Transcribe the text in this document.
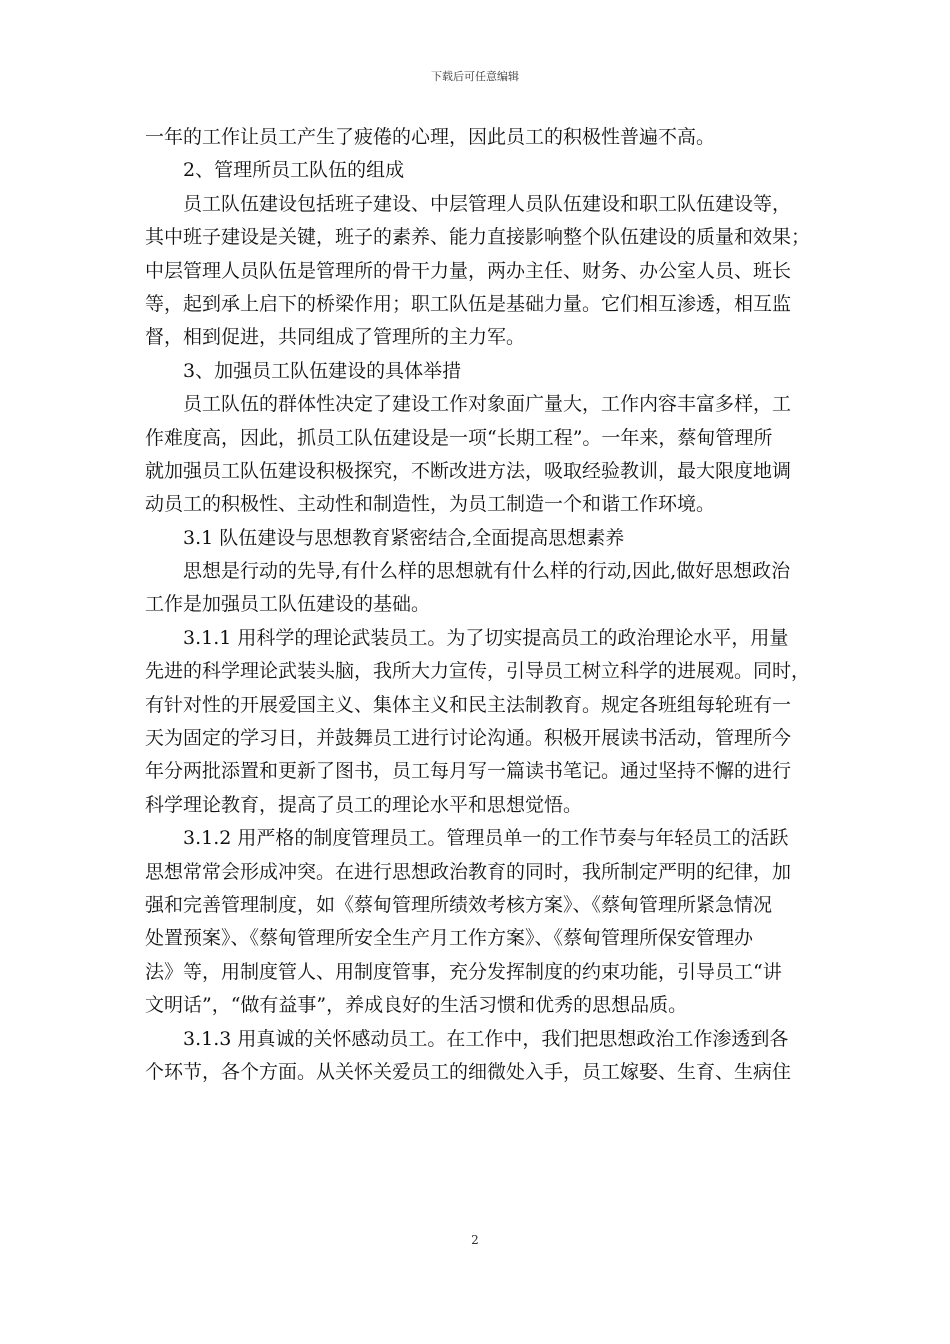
下载后可任意编辑
一年的工作让员工产生了疲倦的心理，因此员工的积极性普遍不高。
　　2、管理所员工队伍的组成
　　员工队伍建设包括班子建设、中层管理人员队伍建设和职工队伍建设等，
其中班子建设是关键，班子的素养、能力直接影响整个队伍建设的质量和效果；
中层管理人员队伍是管理所的骨干力量，两办主任、财务、办公室人员、班长
等，起到承上启下的桥梁作用；职工队伍是基础力量。它们相互渗透，相互监
督，相到促进，共同组成了管理所的主力军。
　　3、加强员工队伍建设的具体举措
　　员工队伍的群体性决定了建设工作对象面广量大，工作内容丰富多样，工
作难度高，因此，抓员工队伍建设是一项“长期工程”。一年来，蔡甸管理所
就加强员工队伍建设积极探究，不断改进方法，吸取经验教训，最大限度地调
动员工的积极性、主动性和制造性，为员工制造一个和谐工作环境。
　　3.1 队伍建设与思想教育紧密结合,全面提高思想素养
　　思想是行动的先导,有什么样的思想就有什么样的行动,因此,做好思想政治
工作是加强员工队伍建设的基础。
　　3.1.1 用科学的理论武装员工。为了切实提高员工的政治理论水平，用量
先进的科学理论武装头脑，我所大力宣传，引导员工树立科学的进展观。同时，
有针对性的开展爱国主义、集体主义和民主法制教育。规定各班组每轮班有一
天为固定的学习日，并鼓舞员工进行讨论沟通。积极开展读书活动，管理所今
年分两批添置和更新了图书，员工每月写一篇读书笔记。通过坚持不懈的进行
科学理论教育，提高了员工的理论水平和思想觉悟。
　　3.1.2 用严格的制度管理员工。管理员单一的工作节奏与年轻员工的活跃
思想常常会形成冲突。在进行思想政治教育的同时，我所制定严明的纪律，加
强和完善管理制度，如《蔡甸管理所绩效考核方案》、《蔡甸管理所紧急情况
处置预案》、《蔡甸管理所安全生产月工作方案》、《蔡甸管理所保安管理办
法》等，用制度管人、用制度管事，充分发挥制度的约束功能，引导员工“讲
文明话”，“做有益事”，养成良好的生活习惯和优秀的思想品质。
　　3.1.3 用真诚的关怀感动员工。在工作中，我们把思想政治工作渗透到各
个环节，各个方面。从关怀关爱员工的细微处入手，员工嫁娶、生育、生病住
2
